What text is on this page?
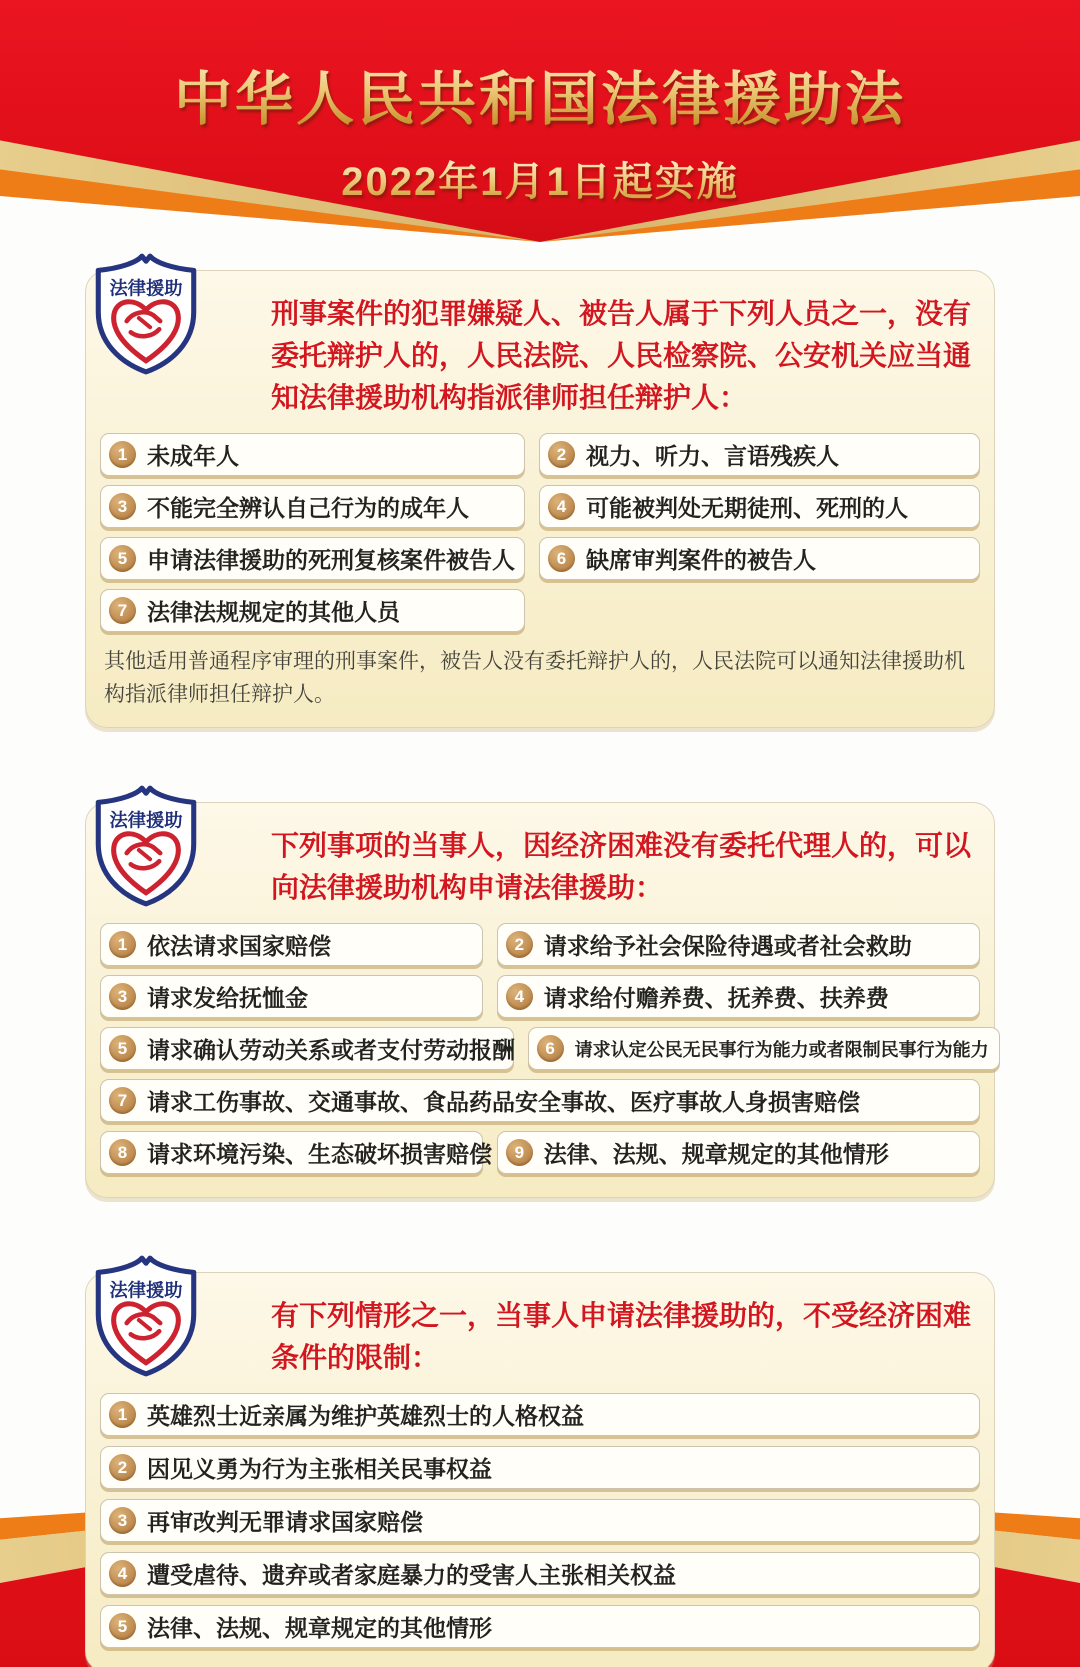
中华人民共和国法律援助法
2022年1月1日起实施
法律援助

刑事案件的犯罪嫌疑人、被告人属于下列人员之一，没有委托辩护人的，人民法院、人民检察院、公安机关应当通知法律援助机构指派律师担任辩护人：

1 未成年人	2 视力、听力、言语残疾人
3 不能完全辨认自己行为的成年人	4 可能被判处无期徒刑、死刑的人
5 申请法律援助的死刑复核案件被告人	6 缺席审判案件的被告人
7 法律法规规定的其他人员

其他适用普通程序审理的刑事案件，被告人没有委托辩护人的，人民法院可以通知法律援助机构指派律师担任辩护人。

法律援助

下列事项的当事人，因经济困难没有委托代理人的，可以向法律援助机构申请法律援助：

1 依法请求国家赔偿	2 请求给予社会保险待遇或者社会救助
3 请求发给抚恤金	4 请求给付赡养费、抚养费、扶养费
5 请求确认劳动关系或者支付劳动报酬	6	请求认定公民无民事行为能力或者限制民事行为能力
7 请求工伤事故、交通事故、食品药品安全事故、医疗事故人身损害赔偿
8 请求环境污染、生态破坏损害赔偿	9 法律、法规、规章规定的其他情形
法律援助

有下列情形之一，当事人申请法律援助的，不受经济困难条件的限制：

1 英雄烈士近亲属为维护英雄烈士的人格权益
2 因见义勇为行为主张相关民事权益
3 再审改判无罪请求国家赔偿
4 遭受虐待、遗弃或者家庭暴力的受害人主张相关权益
5 法律、法规、规章规定的其他情形
